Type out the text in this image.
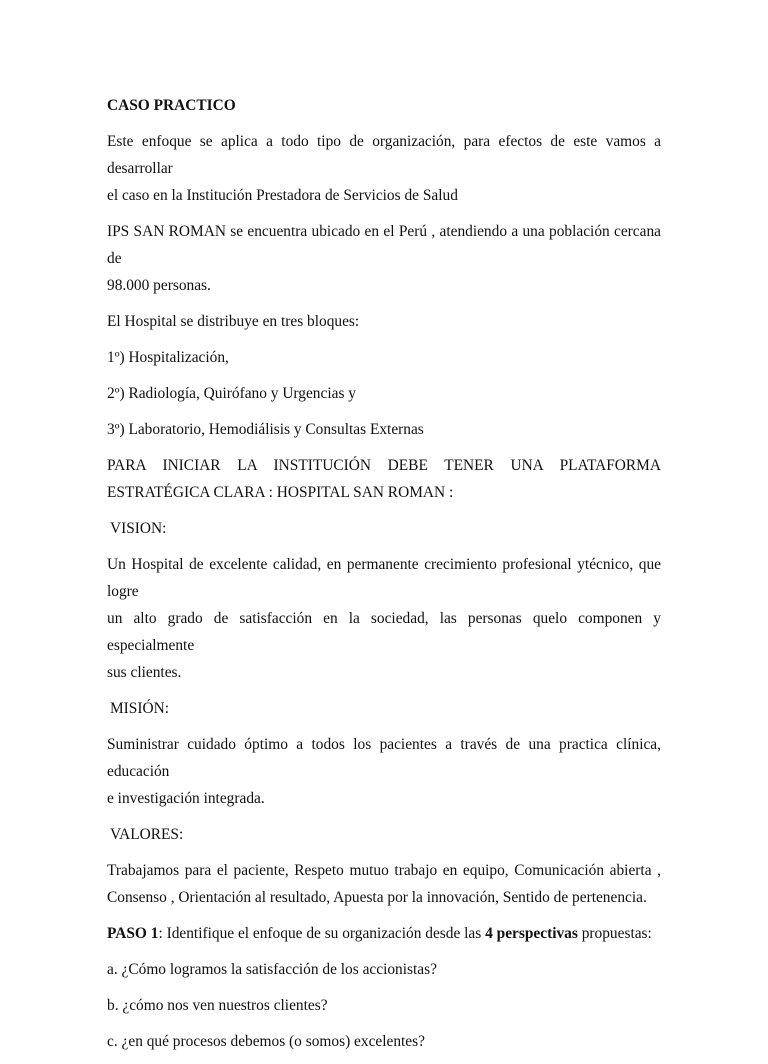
CASO PRACTICO

Este enfoque se aplica a todo tipo de organización, para efectos de este vamos a desarrollar
el caso en la Institución Prestadora de Servicios de Salud

IPS SAN ROMAN se encuentra ubicado en el Perú , atendiendo a una población cercana de
98.000 personas.

El Hospital se distribuye en tres bloques:

1º) Hospitalización,

2º) Radiología, Quirófano y Urgencias y

3º) Laboratorio, Hemodiálisis y Consultas Externas

PARA INICIAR LA INSTITUCIÓN DEBE TENER UNA PLATAFORMA
ESTRATÉGICA CLARA : HOSPITAL SAN ROMAN :

VISION:

Un Hospital de excelente calidad, en permanente crecimiento profesional ytécnico, que logre
un alto grado de satisfacción en la sociedad, las personas quelo componen y especialmente
sus clientes.

MISIÓN:

Suministrar cuidado óptimo a todos los pacientes a través de una practica clínica, educación
e investigación integrada.

VALORES:

Trabajamos para el paciente, Respeto mutuo trabajo en equipo, Comunicación abierta ,
Consenso , Orientación al resultado, Apuesta por la innovación, Sentido de pertenencia.

PASO 1: Identifique el enfoque de su organización desde las 4 perspectivas propuestas:

a. ¿Cómo logramos la satisfacción de los accionistas?

b. ¿cómo nos ven nuestros clientes?

c. ¿en qué procesos debemos (o somos) excelentes?
